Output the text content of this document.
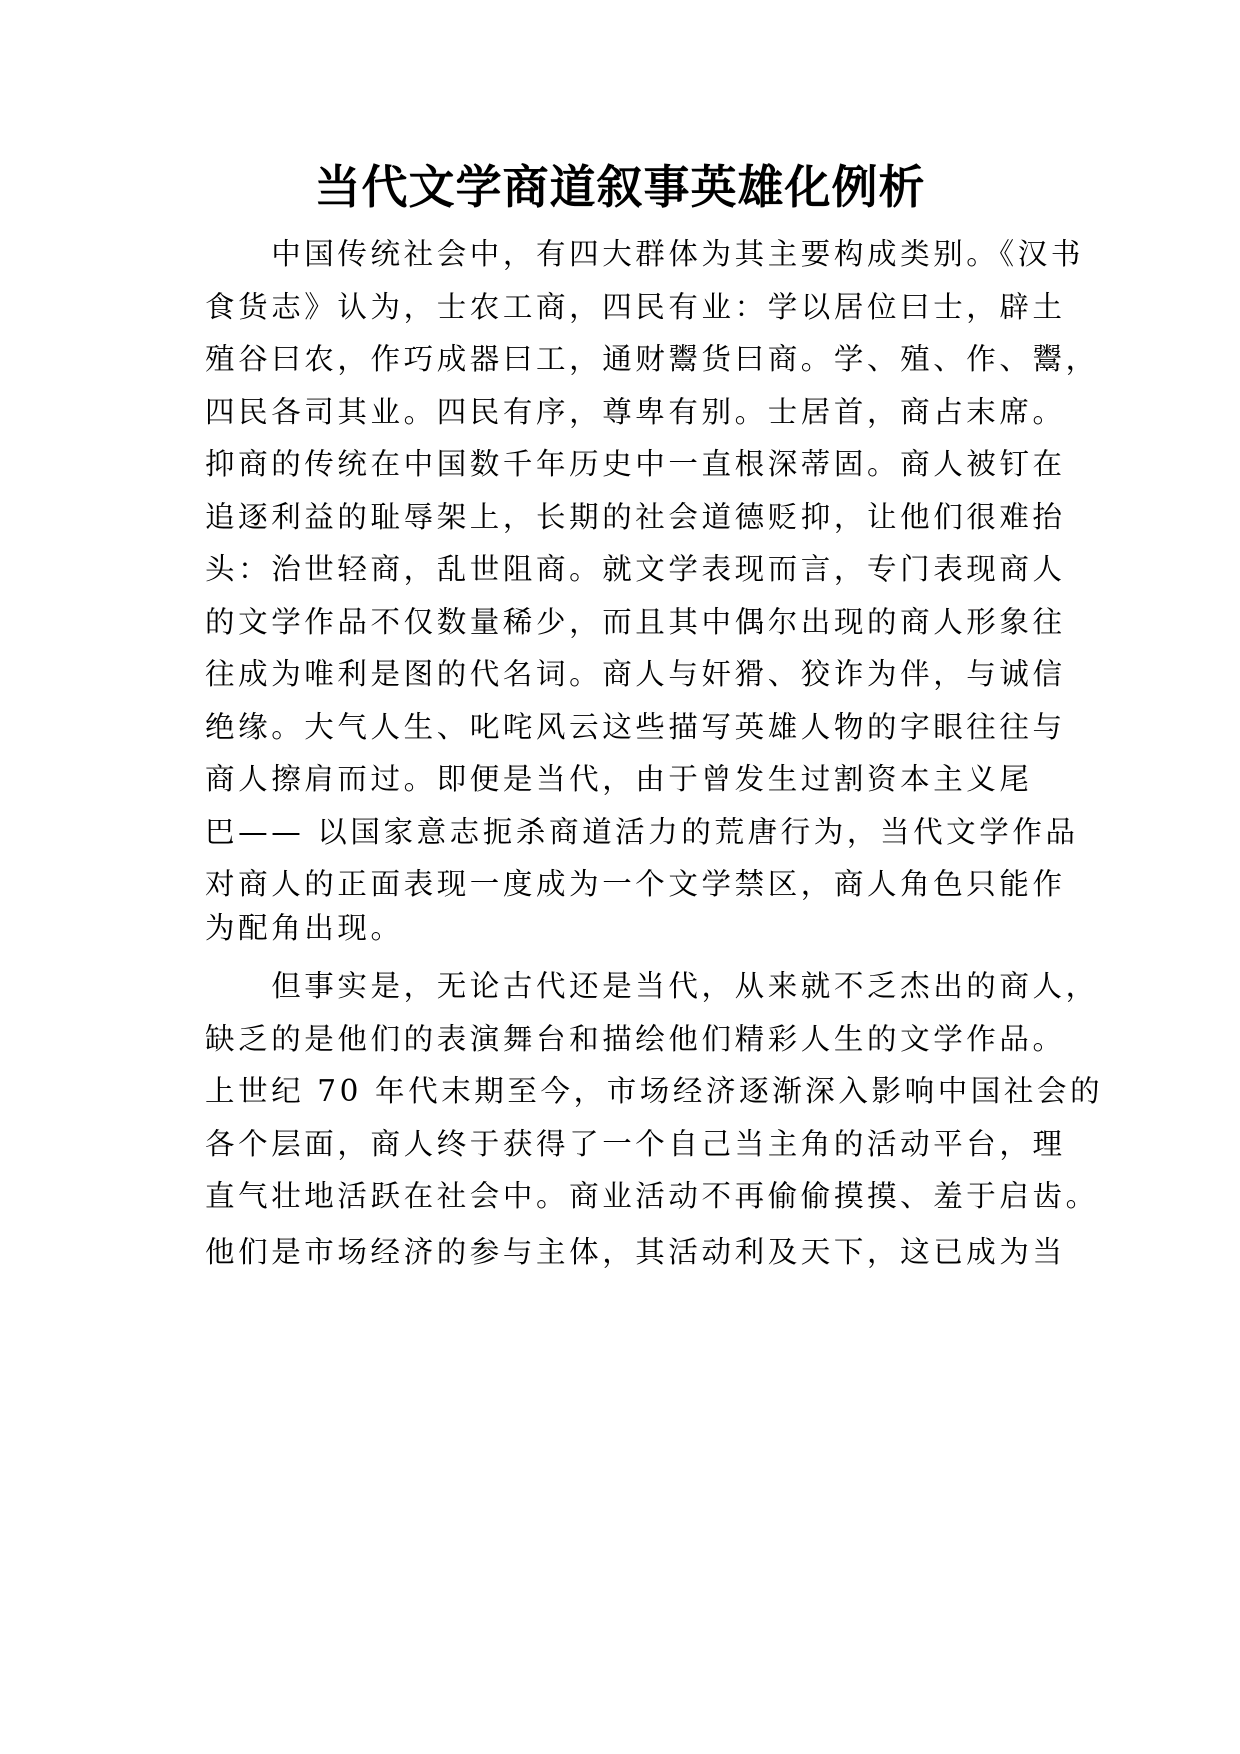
当代文学商道叙事英雄化例析
　　中国传统社会中，有四大群体为其主要构成类别。《汉书
食货志》认为，士农工商，四民有业：学以居位曰士，辟土
殖谷曰农，作巧成器曰工，通财鬻货曰商。学、殖、作、鬻，
四民各司其业。四民有序，尊卑有别。士居首，商占末席。
抑商的传统在中国数千年历史中一直根深蒂固。商人被钉在
追逐利益的耻辱架上，长期的社会道德贬抑，让他们很难抬
头：治世轻商，乱世阻商。就文学表现而言，专门表现商人
的文学作品不仅数量稀少，而且其中偶尔出现的商人形象往
往成为唯利是图的代名词。商人与奸猾、狡诈为伴，与诚信
绝缘。大气人生、叱咤风云这些描写英雄人物的字眼往往与
商人擦肩而过。即便是当代，由于曾发生过割资本主义尾
巴—— 以国家意志扼杀商道活力的荒唐行为，当代文学作品
对商人的正面表现一度成为一个文学禁区，商人角色只能作
为配角出现。
　　但事实是，无论古代还是当代，从来就不乏杰出的商人，
缺乏的是他们的表演舞台和描绘他们精彩人生的文学作品。
上世纪 70 年代末期至今，市场经济逐渐深入影响中国社会的
各个层面，商人终于获得了一个自己当主角的活动平台，理
直气壮地活跃在社会中。商业活动不再偷偷摸摸、羞于启齿。
他们是市场经济的参与主体，其活动利及天下，这已成为当
